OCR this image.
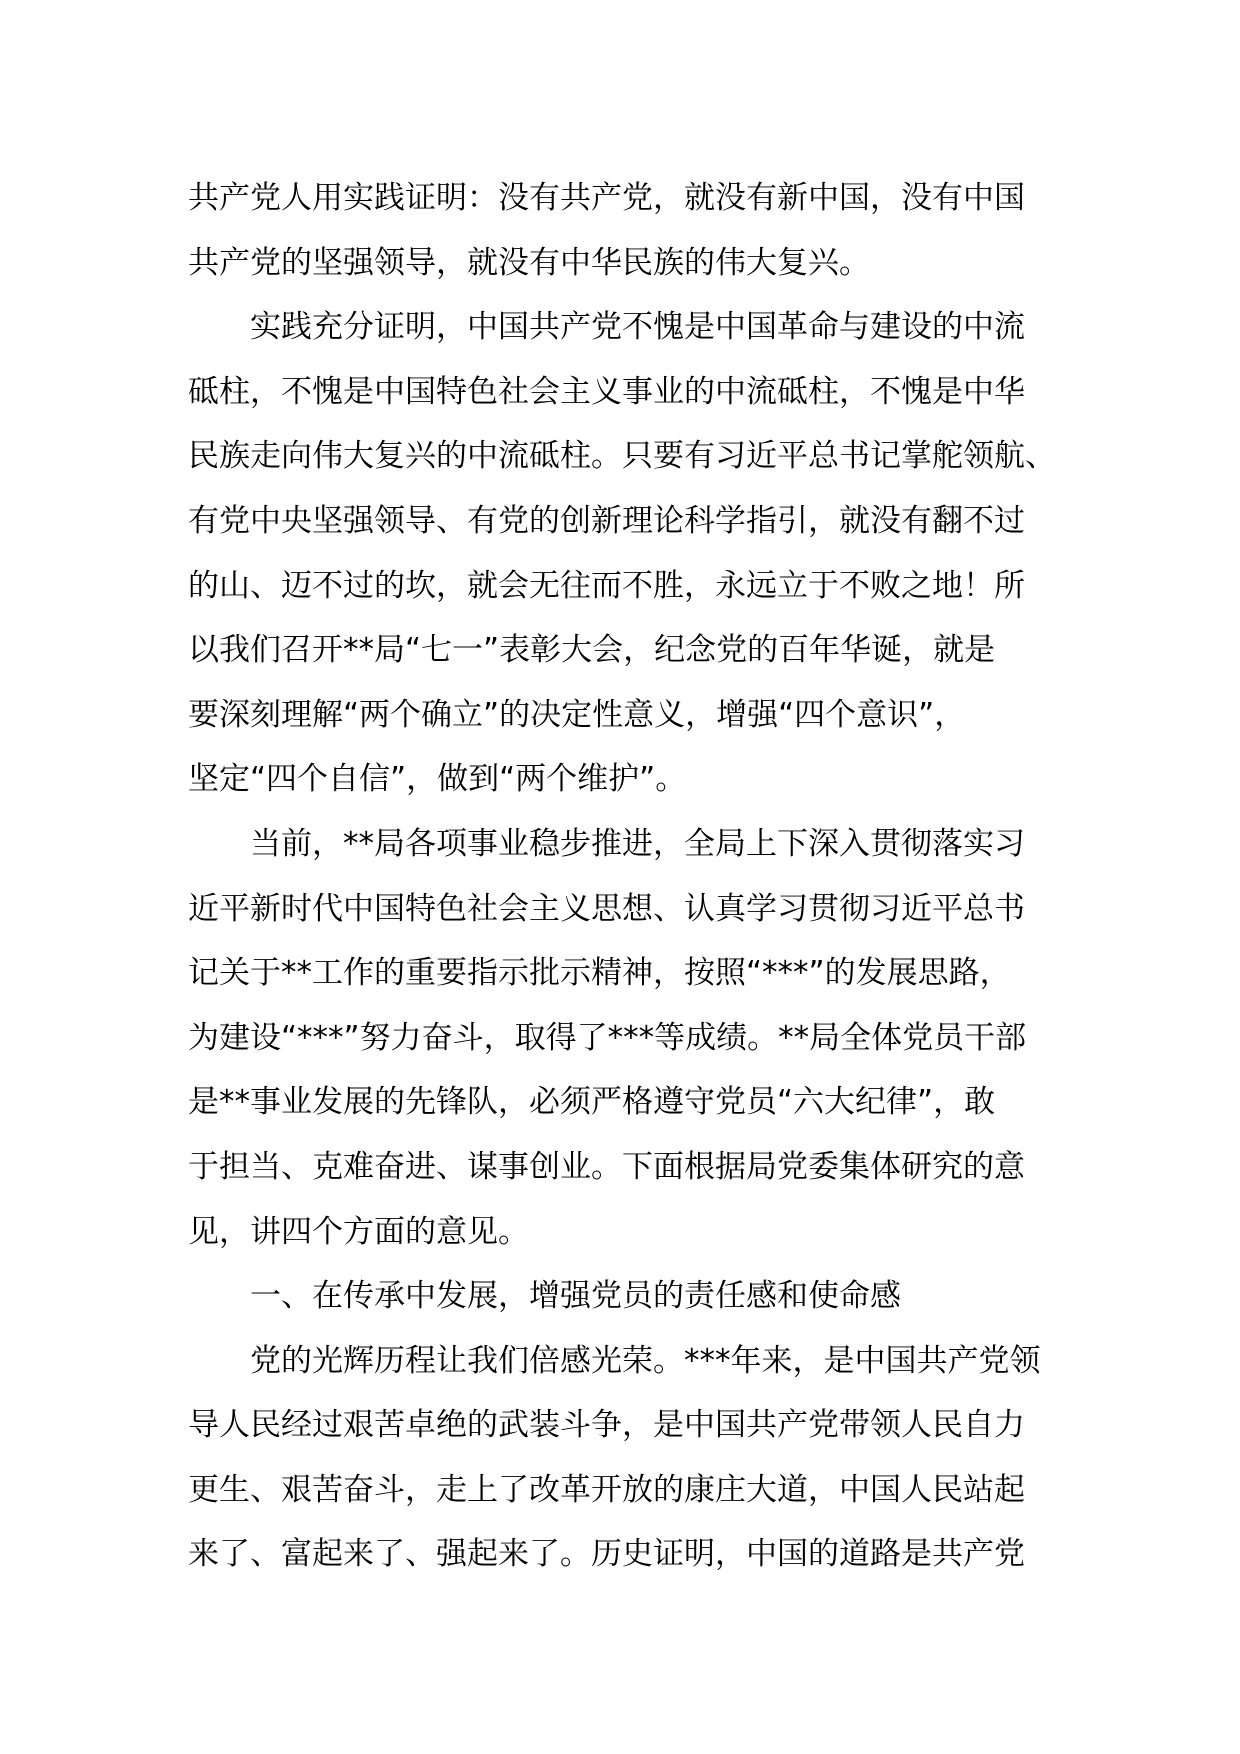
共产党人用实践证明：没有共产党，就没有新中国，没有中国
共产党的坚强领导，就没有中华民族的伟大复兴。
实践充分证明，中国共产党不愧是中国革命与建设的中流
砥柱，不愧是中国特色社会主义事业的中流砥柱，不愧是中华
民族走向伟大复兴的中流砥柱。只要有习近平总书记掌舵领航、
有党中央坚强领导、有党的创新理论科学指引，就没有翻不过
的山、迈不过的坎，就会无往而不胜，永远立于不败之地！所
以我们召开**局“七一”表彰大会，纪念党的百年华诞，就是
要深刻理解“两个确立”的决定性意义，增强“四个意识”，
坚定“四个自信”，做到“两个维护”。
当前，**局各项事业稳步推进，全局上下深入贯彻落实习
近平新时代中国特色社会主义思想、认真学习贯彻习近平总书
记关于**工作的重要指示批示精神，按照“***”的发展思路，
为建设“***”努力奋斗，取得了***等成绩。**局全体党员干部
是**事业发展的先锋队，必须严格遵守党员“六大纪律”，敢
于担当、克难奋进、谋事创业。下面根据局党委集体研究的意
见，讲四个方面的意见。
一、在传承中发展，增强党员的责任感和使命感
党的光辉历程让我们倍感光荣。***年来，是中国共产党领
导人民经过艰苦卓绝的武装斗争，是中国共产党带领人民自力
更生、艰苦奋斗，走上了改革开放的康庄大道，中国人民站起
来了、富起来了、强起来了。历史证明，中国的道路是共产党
